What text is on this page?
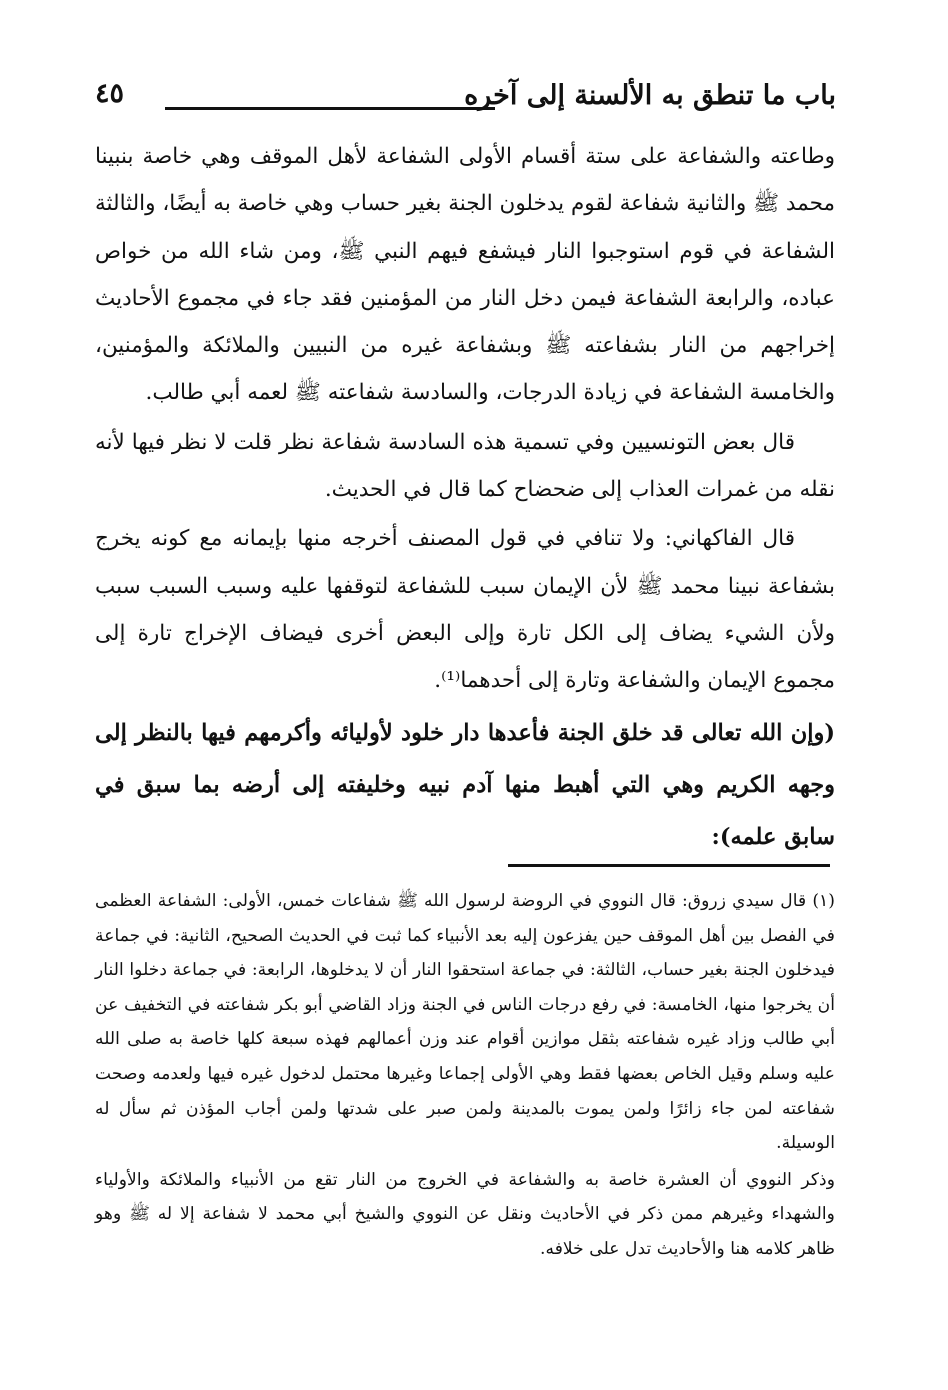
باب ما تنطق به الألسنة إلى آخره
٤٥

وطاعته والشفاعة على ستة أقسام الأولى الشفاعة لأهل الموقف وهي خاصة بنبينا محمد ﷺ والثانية شفاعة لقوم يدخلون الجنة بغير حساب وهي خاصة به أيضًا، والثالثة الشفاعة في قوم استوجبوا النار فيشفع فيهم النبي ﷺ، ومن شاء الله من خواص عباده، والرابعة الشفاعة فيمن دخل النار من المؤمنين فقد جاء في مجموع الأحاديث إخراجهم من النار بشفاعته ﷺ وبشفاعة غيره من النبيين والملائكة والمؤمنين، والخامسة الشفاعة في زيادة الدرجات، والسادسة شفاعته ﷺ لعمه أبي طالب.

قال بعض التونسيين وفي تسمية هذه السادسة شفاعة نظر قلت لا نظر فيها لأنه نقله من غمرات العذاب إلى ضحضاح كما قال في الحديث.

قال الفاكهاني: ولا تنافي في قول المصنف أخرجه منها بإيمانه مع كونه يخرج بشفاعة نبينا محمد ﷺ لأن الإيمان سبب للشفاعة لتوقفها عليه وسبب السبب سبب ولأن الشيء يضاف إلى الكل تارة وإلى البعض أخرى فيضاف الإخراج تارة إلى مجموع الإيمان والشفاعة وتارة إلى أحدهما⁽¹⁾.

(وإن الله تعالى قد خلق الجنة فأعدها دار خلود لأوليائه وأكرمهم فيها بالنظر إلى وجهه الكريم وهي التي أهبط منها آدم نبيه وخليفته إلى أرضه بما سبق في سابق علمه):

(١) قال سيدي زروق: قال النووي في الروضة لرسول الله ﷺ شفاعات خمس، الأولى: الشفاعة العظمى في الفصل بين أهل الموقف حين يفزعون إليه بعد الأنبياء كما ثبت في الحديث الصحيح، الثانية: في جماعة فيدخلون الجنة بغير حساب، الثالثة: في جماعة استحقوا النار أن لا يدخلوها، الرابعة: في جماعة دخلوا النار أن يخرجوا منها، الخامسة: في رفع درجات الناس في الجنة وزاد القاضي أبو بكر شفاعته في التخفيف عن أبي طالب وزاد غيره شفاعته بثقل موازين أقوام عند وزن أعمالهم فهذه سبعة كلها خاصة به صلى الله عليه وسلم وقيل الخاص بعضها فقط وهي الأولى إجماعا وغيرها محتمل لدخول غيره فيها ولعدمه وصحت شفاعته لمن جاء زائرًا ولمن يموت بالمدينة ولمن صبر على شدتها ولمن أجاب المؤذن ثم سأل له الوسيلة.

وذكر النووي أن العشرة خاصة به والشفاعة في الخروج من النار تقع من الأنبياء والملائكة والأولياء والشهداء وغيرهم ممن ذكر في الأحاديث ونقل عن النووي والشيخ أبي محمد لا شفاعة إلا له ﷺ وهو ظاهر كلامه هنا والأحاديث تدل على خلافه.
